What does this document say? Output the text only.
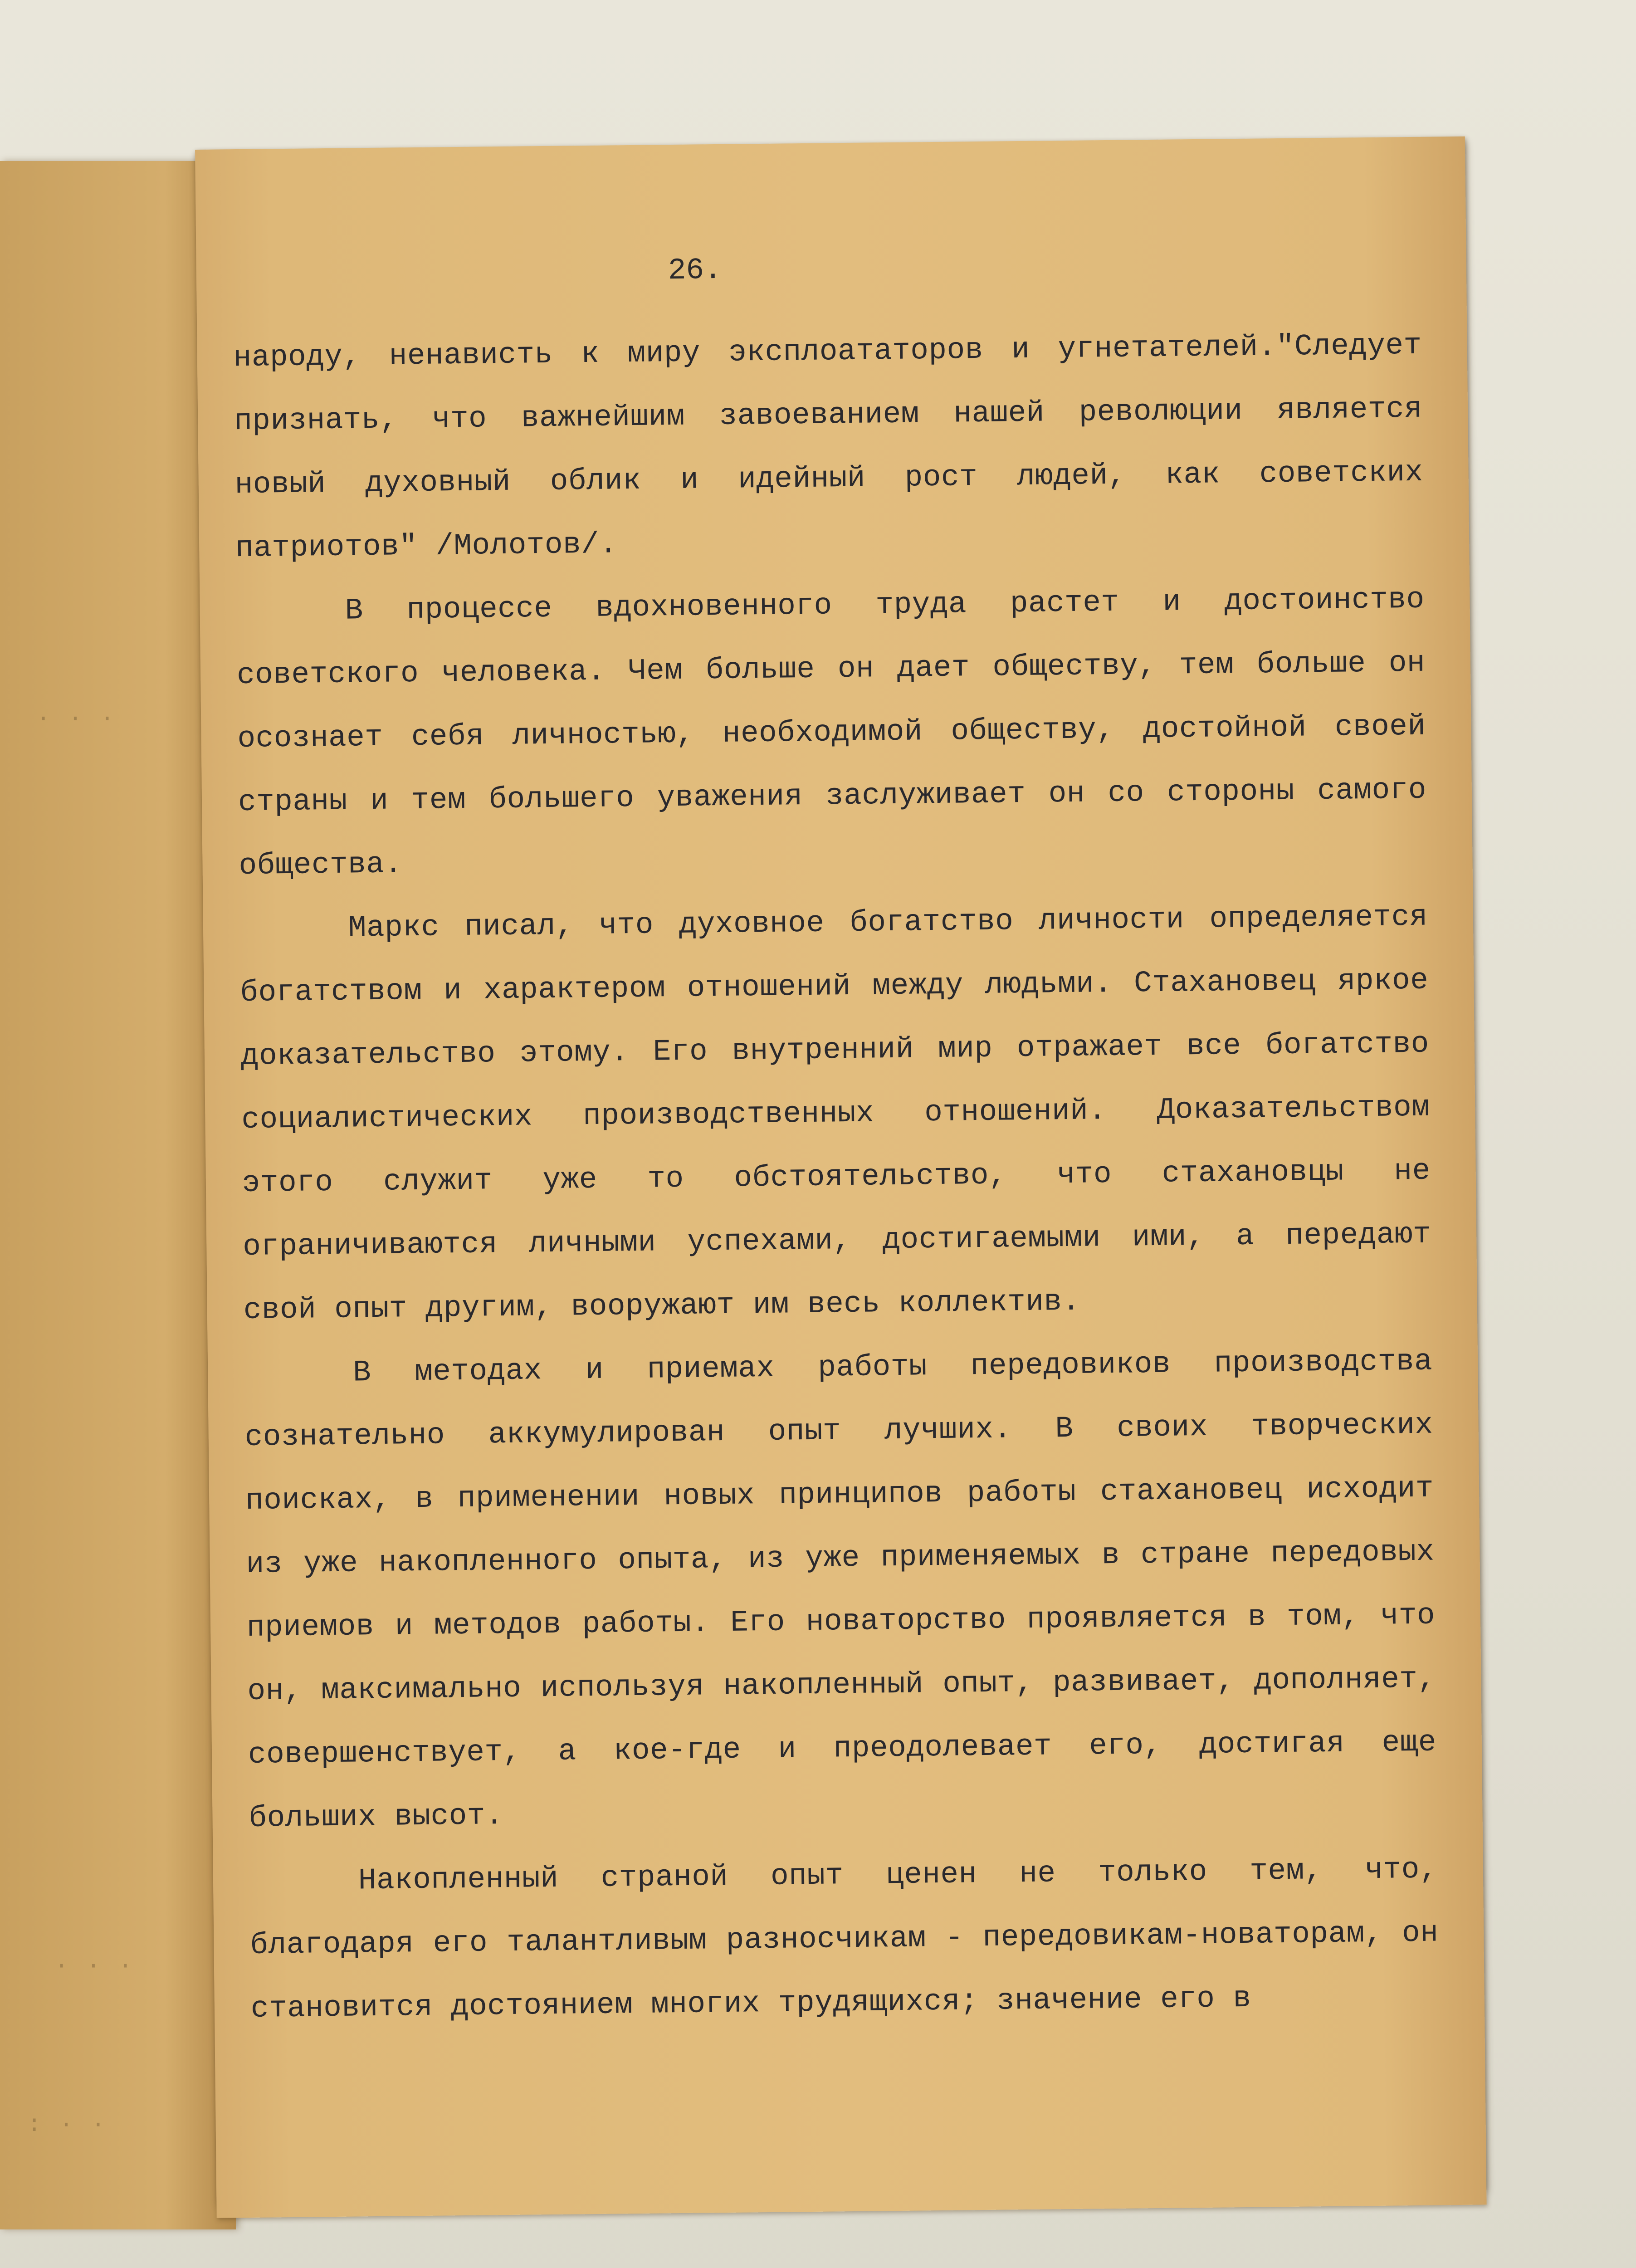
· · ·
· · ·
: · ·
26.

народу, ненависть к миру эксплоататоров и угнетателей."Следует признать, что важнейшим завоеванием нашей революции является новый духовный облик и идейный рост людей, как советских патриотов" /Молотов/.

В процессе вдохновенного труда растет и достоинство советского человека. Чем больше он дает обществу, тем больше он осознает себя личностью, необходимой обществу, достойной своей страны и тем большего уважения заслуживает он со стороны самого общества.

Маркс писал, что духовное богатство личности определяется богатством и характером отношений между людьми. Стахановец яркое доказательство этому. Его внутренний мир отражает все богатство социалистических производственных отношений. Доказательством этого служит уже то обстоятельство, что стахановцы не ограничиваются личными успехами, достигаемыми ими, а передают свой опыт другим, вооружают им весь коллектив.

В методах и приемах работы передовиков производства сознательно аккумулирован опыт лучших. В своих творческих поисках, в применении новых принципов работы стахановец исходит из уже накопленного опыта, из уже применяемых в стране передовых приемов и методов работы. Его новаторство проявляется в том, что он, максимально используя накопленный опыт, развивает, дополняет, совершенствует, а кое-где и преодолевает его, достигая еще больших высот.

Накопленный страной опыт ценен не только тем, что, благодаря его талантливым разносчикам - передовикам-новаторам, он становится достоянием многих трудящихся; значение его в
